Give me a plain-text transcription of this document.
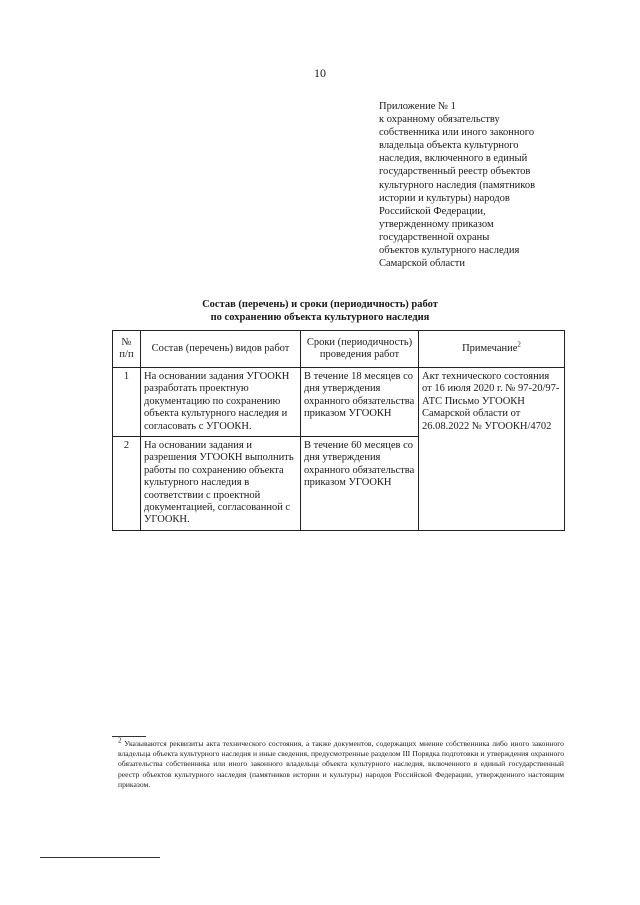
10
Приложение № 1
к охранному обязательству
собственника или иного законного
владельца объекта культурного
наследия, включенного в единый
государственный реестр объектов
культурного наследия (памятников
истории и культуры) народов
Российской Федерации,
утвержденному приказом
государственной охраны
объектов культурного наследия
Самарской области
Состав (перечень) и сроки (периодичность) работ
по сохранению объекта культурного наследия
№ п/п	Состав (перечень) видов работ	Сроки (периодичность) проведения работ	Примечание$^2$
1	На основании задания УГООКН разработать проектную документацию по сохранению объекта культурного наследия и согласовать с УГООКН.	В течение 18 месяцев со дня утверждения охранного обязательства приказом УГООКН	Акт технического состояния от 16 июля 2020 г. № 97-20/97-АТС Письмо УГООКН Самарской области от 26.08.2022 № УГООКН/4702
2	На основании задания и разрешения УГООКН выполнить работы по сохранению объекта культурного наследия в соответствии с проектной документацией, согласованной с УГООКН.	В течение 60 месяцев со дня утверждения охранного обязательства приказом УГООКН	
$^2$ Указываются реквизиты акта технического состояния, а также документов, содержащих мнение собственника либо иного законного владельца объекта культурного наследия и иные сведения, предусмотренные разделом III Порядка подготовки и утверждения охранного обязательства собственника или иного законного владельца объекта культурного наследия, включенного в единый государственный реестр объектов культурного наследия (памятников истории и культуры) народов Российской Федерации, утвержденного настоящим приказом.
